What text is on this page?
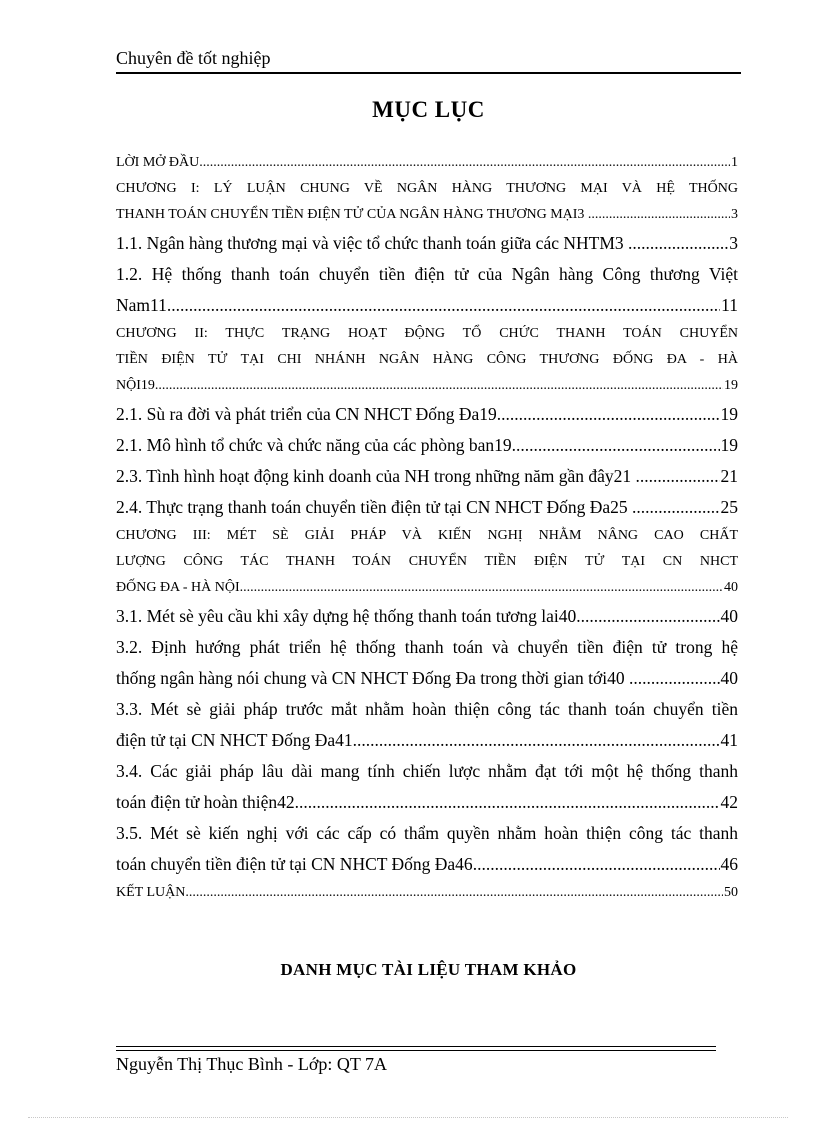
Chuyên đề tốt nghiệp
MỤC LỤC
LỜI MỞ ĐẦU .....	1
CHƯƠNG I: LÝ LUẬN CHUNG VỀ NGÂN HÀNG THƯƠNG MẠI VÀ HỆ THỐNG
THANH TOÁN CHUYỂN TIỀN ĐIỆN TỬ CỦA NGÂN HÀNG THƯƠNG MẠI3 .... .....	3
1.1. Ngân hàng thương mại và việc tổ chức thanh toán giữa các NHTM3 ....... .....	3
1.2. Hệ thống thanh toán chuyển tiền điện tử của Ngân hàng Công thương Việt
Nam11 .....	11
CHƯƠNG II: THỰC TRẠNG HOẠT ĐỘNG TỔ CHỨC THANH TOÁN CHUYỂN
TIỀN ĐIỆN TỬ TẠI CHI NHÁNH NGÂN HÀNG CÔNG THƯƠNG ĐỐNG ĐA - HÀ
NỘI19 .....	19
2.1. Sù ra đời và phát triển của CN NHCT Đống Đa19 .....	19
2.1. Mô hình tổ chức và chức năng của các phòng ban19 .....	19
2.3. Tình hình hoạt động kinh doanh của NH trong những năm gần đây21 ... .....	21
2.4. Thực trạng thanh toán chuyển tiền điện tử tại CN NHCT Đống Đa25 .... .....	25
CHƯƠNG III: MÉT SÈ GIẢI PHÁP VÀ KIẾN NGHỊ NHẰM NÂNG CAO CHẤT
LƯỢNG CÔNG TÁC THANH TOÁN CHUYỂN TIỀN ĐIỆN TỬ TẠI CN NHCT
ĐỐNG ĐA - HÀ NỘI .....	40
3.1. Mét sè yêu cầu khi xây dựng hệ thống thanh toán tương lai40 .....	40
3.2. Định hướng phát triển hệ thống thanh toán và chuyển tiền điện tử trong hệ
thống ngân hàng nói chung và CN NHCT Đống Đa trong thời gian tới40 ..... .....	40
3.3. Mét sè giải pháp trước mắt nhằm hoàn thiện công tác thanh toán chuyển tiền
điện tử tại CN NHCT Đống Đa41 .....	41
3.4. Các giải pháp lâu dài mang tính chiến lược nhằm đạt tới một hệ thống thanh
toán điện tử hoàn thiện42 .....	42
3.5. Mét sè kiến nghị với các cấp có thẩm quyền nhằm hoàn thiện công tác thanh
toán chuyển tiền điện tử tại CN NHCT Đống Đa46 .....	46
KẾT LUẬN .....	50
DANH MỤC TÀI LIỆU THAM KHẢO
Nguyễn Thị Thục Bình - Lớp: QT 7A
